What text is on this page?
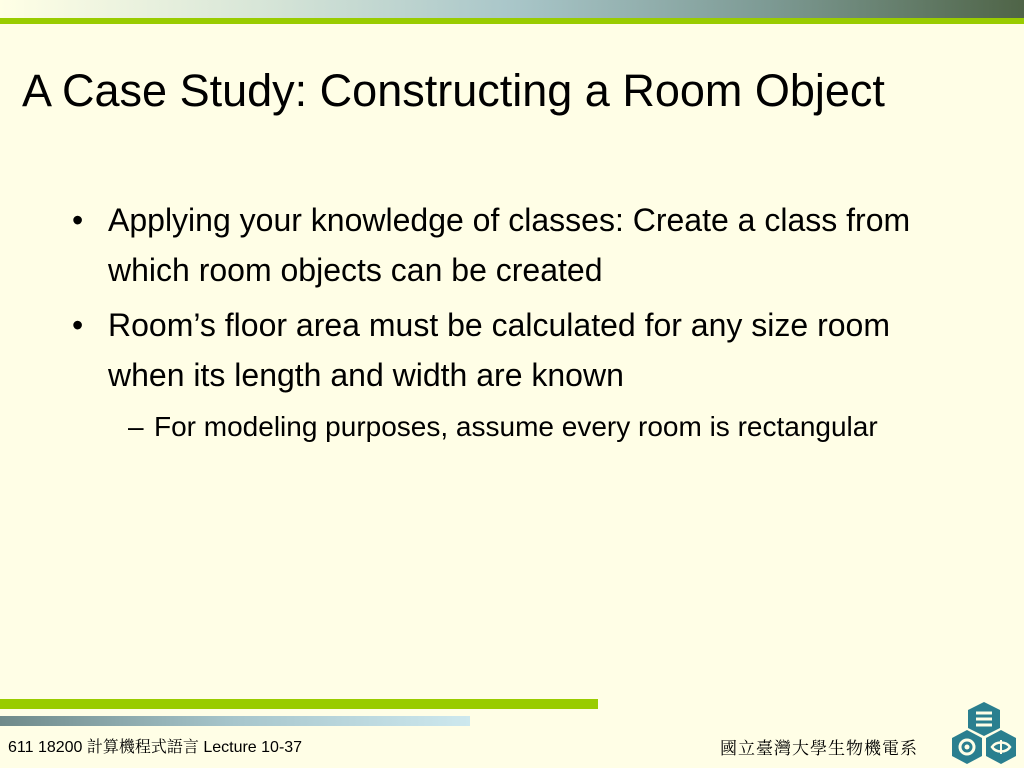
A Case Study: Constructing a Room Object
• Applying your knowledge of classes: Create a class from which room objects can be created
• Room’s floor area must be calculated for any size room when its length and width are known
– For modeling purposes, assume every room is rectangular
611 18200 計算機程式語言 Lecture 10-37	國立臺灣大學生物機電系
